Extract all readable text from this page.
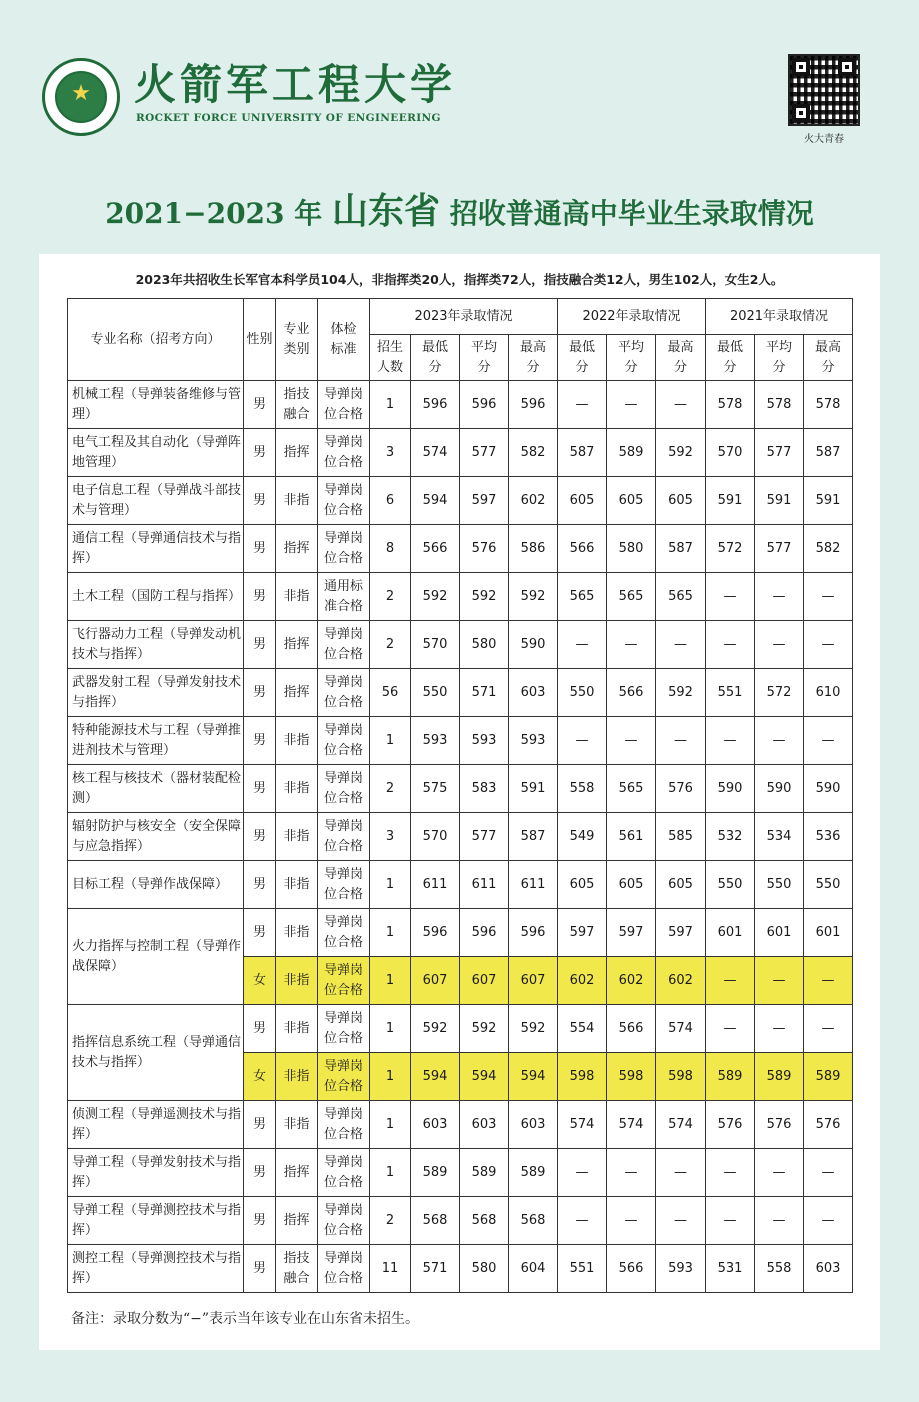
★	火箭军工程大学
ROCKET FORCE UNIVERSITY OF ENGINEERING
火大青春
2021−2023 年 山东省 招收普通高中毕业生录取情况
2023年共招收生长军官本科学员104人，非指挥类20人，指挥类72人，指技融合类12人，男生102人，女生2人。
专业名称（招考方向）	性别	专业类别	体检标准	2023年录取情况				2022年录取情况			2021年录取情况		
				招生人数	最低分	平均分	最高分	最低分	平均分	最高分	最低分	平均分	最高分
机械工程（导弹装备维修与管理）	男	指技融合	导弹岗位合格	1	596	596	596	—	—	—	578	578	578
电气工程及其自动化（导弹阵地管理）	男	指挥	导弹岗位合格	3	574	577	582	587	589	592	570	577	587
电子信息工程（导弹战斗部技术与管理）	男	非指	导弹岗位合格	6	594	597	602	605	605	605	591	591	591
通信工程（导弹通信技术与指挥）	男	指挥	导弹岗位合格	8	566	576	586	566	580	587	572	577	582
土木工程（国防工程与指挥）	男	非指	通用标准合格	2	592	592	592	565	565	565	—	—	—
飞行器动力工程（导弹发动机技术与指挥）	男	指挥	导弹岗位合格	2	570	580	590	—	—	—	—	—	—
武器发射工程（导弹发射技术与指挥）	男	指挥	导弹岗位合格	56	550	571	603	550	566	592	551	572	610
特种能源技术与工程（导弹推进剂技术与管理）	男	非指	导弹岗位合格	1	593	593	593	—	—	—	—	—	—
核工程与核技术（器材装配检测）	男	非指	导弹岗位合格	2	575	583	591	558	565	576	590	590	590
辐射防护与核安全（安全保障与应急指挥）	男	非指	导弹岗位合格	3	570	577	587	549	561	585	532	534	536
目标工程（导弹作战保障）	男	非指	导弹岗位合格	1	611	611	611	605	605	605	550	550	550
火力指挥与控制工程（导弹作战保障）	男	非指	导弹岗位合格	1	596	596	596	597	597	597	601	601	601
	女	非指	导弹岗位合格	1	607	607	607	602	602	602	—	—	—
指挥信息系统工程（导弹通信技术与指挥）	男	非指	导弹岗位合格	1	592	592	592	554	566	574	—	—	—
	女	非指	导弹岗位合格	1	594	594	594	598	598	598	589	589	589
侦测工程（导弹遥测技术与指挥）	男	非指	导弹岗位合格	1	603	603	603	574	574	574	576	576	576
导弹工程（导弹发射技术与指挥）	男	指挥	导弹岗位合格	1	589	589	589	—	—	—	—	—	—
导弹工程（导弹测控技术与指挥）	男	指挥	导弹岗位合格	2	568	568	568	—	—	—	—	—	—
测控工程（导弹测控技术与指挥）	男	指技融合	导弹岗位合格	11	571	580	604	551	566	593	531	558	603
备注：录取分数为“−”表示当年该专业在山东省未招生。
